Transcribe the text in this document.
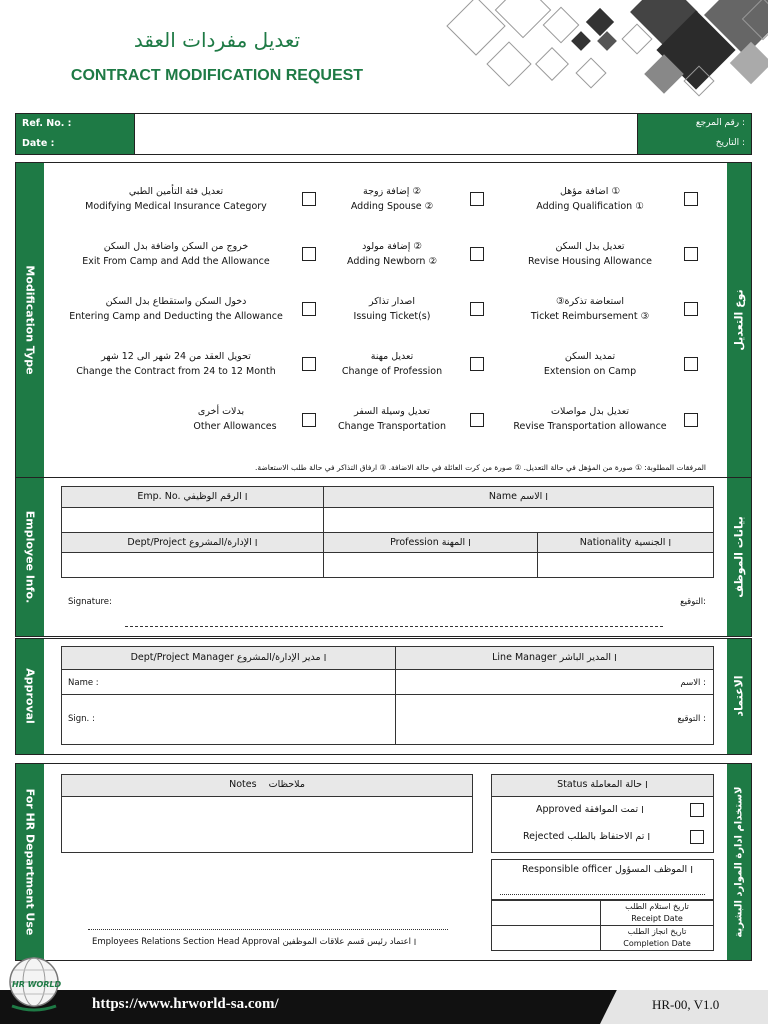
تعديل مفردات العقد
CONTRACT MODIFICATION REQUEST
Ref. No. :
Date :
رقم المرجع :
التاريخ :
Modification Type	نوع التعديل
اضافة مؤهل ①
Adding Qualification ①
إضافة زوجة ②
Adding Spouse ②
تعديل فئة التأمين الطبي
Modifying Medical Insurance Category
تعديل بدل السكن
Revise Housing Allowance
إضافة مولود ②
Adding Newborn ②
خروج من السكن واضافة بدل السكن
Exit From Camp and Add the Allowance
③استعاضة تذكرة
Ticket Reimbursement ③
اصدار تذاكر
Issuing Ticket(s)
دخول السكن واستقطاع بدل السكن
Entering Camp and Deducting the Allowance
تمديد السكن
Extension on Camp
تعديل مهنة
Change of Profession
تحويل العقد من 24 شهر الى 12 شهر
Change the Contract from 24 to 12 Month
تعديل بدل مواصلات
Revise Transportation allowance
تعديل وسيلة السفر
Change Transportation
بدلات أخرى
Other Allowances
المرفقات المطلوبة: ① صورة من المؤهل في حالة التعديل. ② صورة من كرت العائلة في حالة الاضافة. ③ ارفاق التذاكر في حالة طلب الاستعاضة.
Employee Info.	بيانات الموظف
Emp. No. ׀ الرقم الوظيفي	Name ׀ الاسم
Dept/Project ׀ الإدارة/المشروع	Profession ׀ المهنة	Nationality ׀ الجنسية
Signature:	التوقيع:
Approval	الاعتماد
Dept/Project Manager ׀ مدير الإدارة/المشروع	Line Manager ׀ المدير الباشر
Name :	الاسم :
Sign. :	التوقيع :
For HR Department Use	لاستخدام ادارة الموارد البشرية
Notes ملاحظات	Status ׀ حالة المعاملة
Approved ׀ تمت الموافقة
Rejected ׀ تم الاحتفاظ بالطلب
Responsible officer ׀ الموظف المسؤول
تاريخ استلام الطلب
Receipt Date
تاريخ انجاز الطلب
Completion Date
Employees Relations Section Head Approval ׀ اعتماد رئيس قسم علاقات الموظفين
https://www.hrworld-sa.com/	HR-00, V1.0
HR WORLD
